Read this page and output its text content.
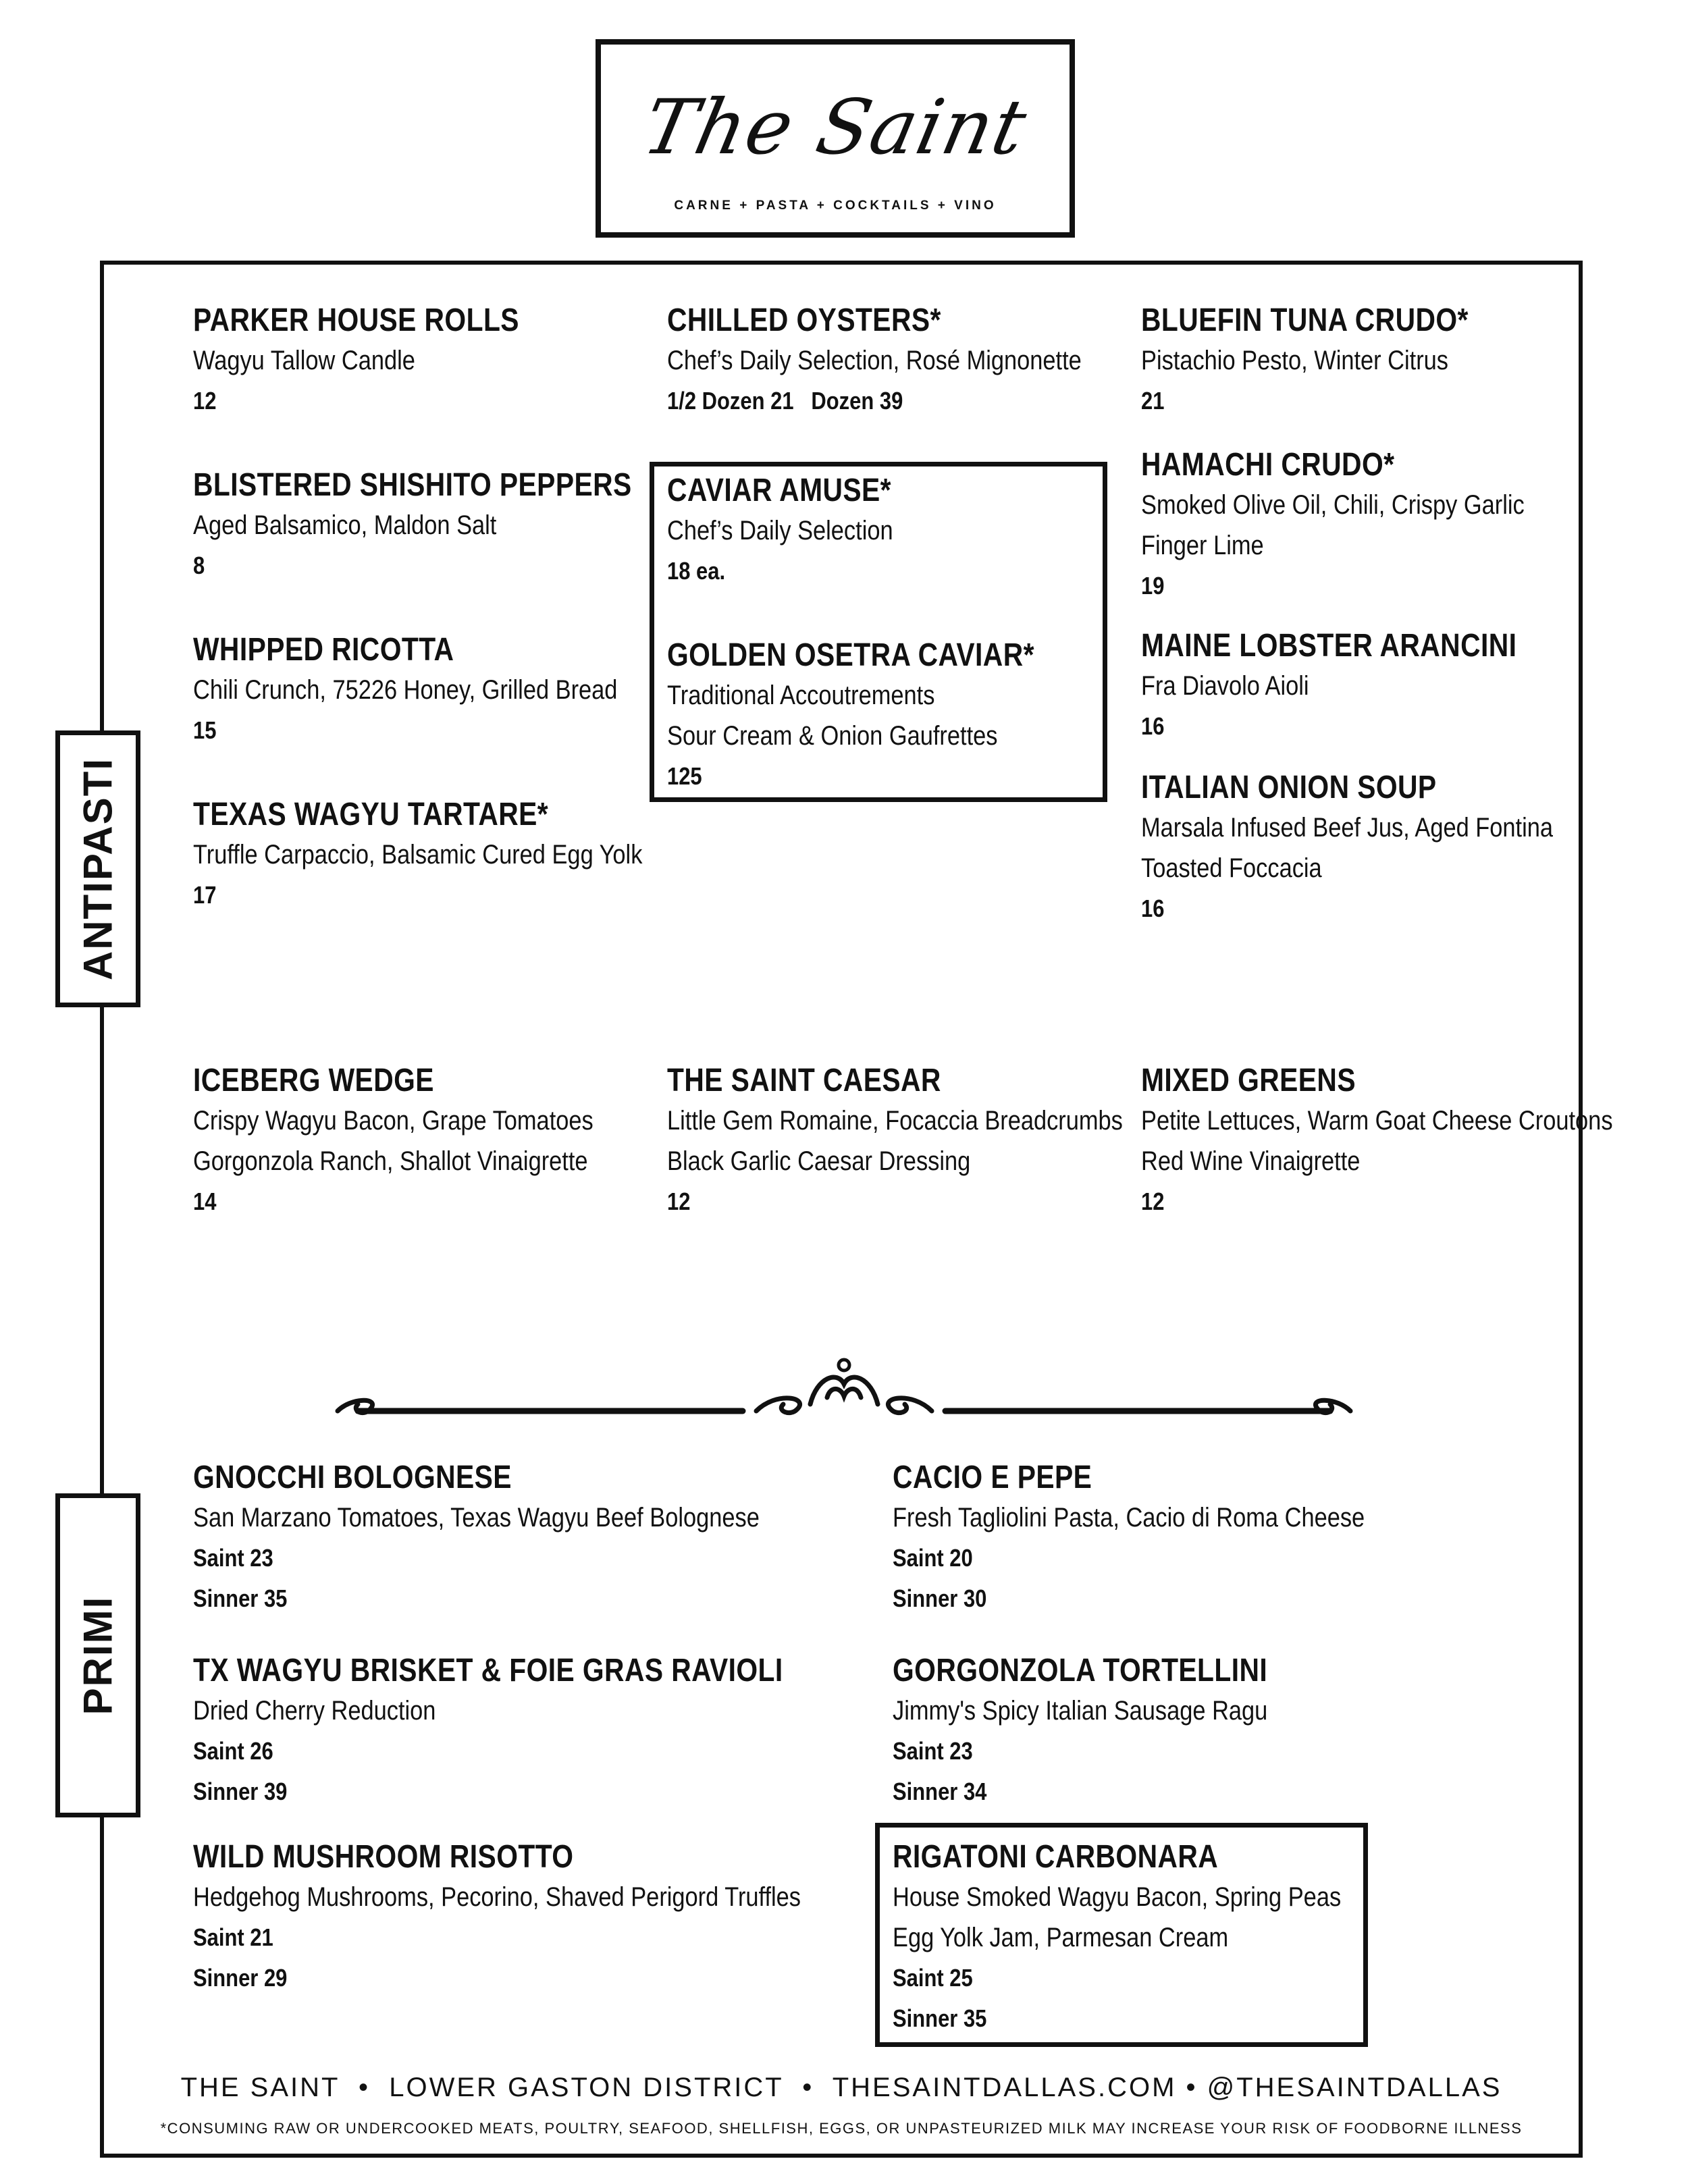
The Saint
CARNE + PASTA + COCKTAILS + VINO
ANTIPASTI
PRIMI
PARKER HOUSE ROLLS
Wagyu Tallow Candle
12
BLISTERED SHISHITO PEPPERS
Aged Balsamico, Maldon Salt
8
WHIPPED RICOTTA
Chili Crunch, 75226 Honey, Grilled Bread
15
TEXAS WAGYU TARTARE*
Truffle Carpaccio, Balsamic Cured Egg Yolk
17
CHILLED OYSTERS*
Chef’s Daily Selection, Rosé Mignonette
1/2 Dozen 21   Dozen 39
CAVIAR AMUSE*
Chef’s Daily Selection
18 ea.
GOLDEN OSETRA CAVIAR*
Traditional Accoutrements
Sour Cream & Onion Gaufrettes
125
BLUEFIN TUNA CRUDO*
Pistachio Pesto, Winter Citrus
21
HAMACHI CRUDO*
Smoked Olive Oil, Chili, Crispy Garlic
Finger Lime
19
MAINE LOBSTER ARANCINI
Fra Diavolo Aioli
16
ITALIAN ONION SOUP
Marsala Infused Beef Jus, Aged Fontina
Toasted Foccacia
16
ICEBERG WEDGE
Crispy Wagyu Bacon, Grape Tomatoes
Gorgonzola Ranch, Shallot Vinaigrette
14
THE SAINT CAESAR
Little Gem Romaine, Focaccia Breadcrumbs
Black Garlic Caesar Dressing
12
MIXED GREENS
Petite Lettuces, Warm Goat Cheese Croutons
Red Wine Vinaigrette
12
GNOCCHI BOLOGNESE
San Marzano Tomatoes, Texas Wagyu Beef Bolognese
Saint 23
Sinner 35
TX WAGYU BRISKET & FOIE GRAS RAVIOLI
Dried Cherry Reduction
Saint 26
Sinner 39
WILD MUSHROOM RISOTTO
Hedgehog Mushrooms, Pecorino, Shaved Perigord Truffles
Saint 21
Sinner 29
CACIO E PEPE
Fresh Tagliolini Pasta, Cacio di Roma Cheese
Saint 20
Sinner 30
GORGONZOLA TORTELLINI
Jimmy's Spicy Italian Sausage Ragu
Saint 23
Sinner 34
RIGATONI CARBONARA
House Smoked Wagyu Bacon, Spring Peas
Egg Yolk Jam, Parmesan Cream
Saint 25
Sinner 35
THE SAINT  •  LOWER GASTON DISTRICT  •  THESAINTDALLAS.COM • @THESAINTDALLAS
*CONSUMING RAW OR UNDERCOOKED MEATS, POULTRY, SEAFOOD, SHELLFISH, EGGS, OR UNPASTEURIZED MILK MAY INCREASE YOUR RISK OF FOODBORNE ILLNESS
